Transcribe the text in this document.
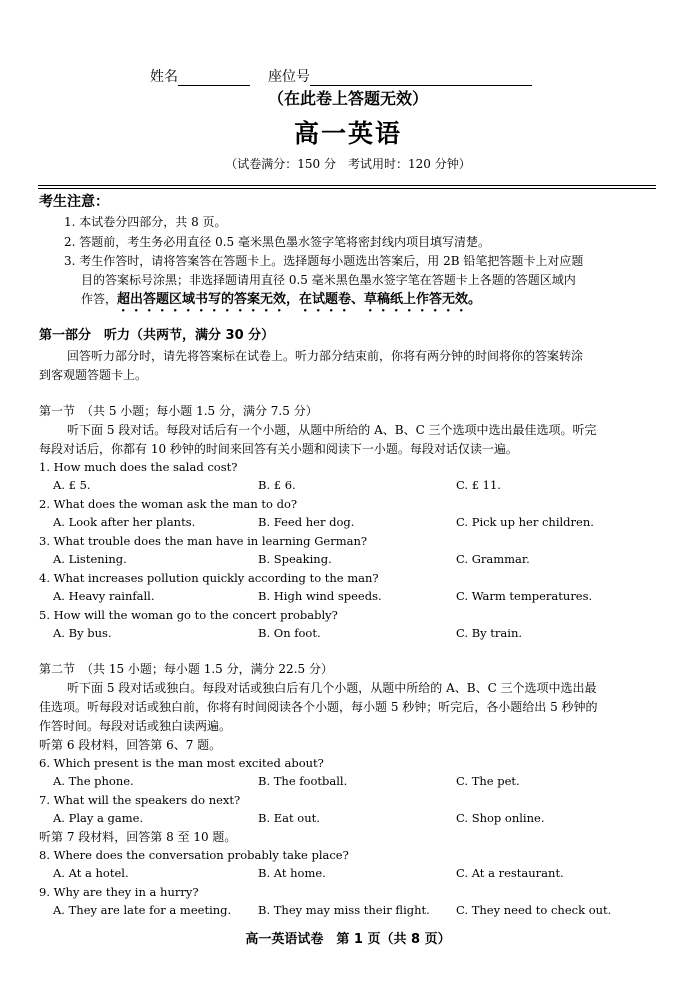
姓名	座位号
（在此卷上答题无效）
高一英语
（试卷满分：150 分　考试用时：120 分钟）
考生注意：
1. 本试卷分四部分，共 8 页。
2. 答题前，考生务必用直径 0.5 毫米黑色墨水签字笔将密封线内项目填写清楚。
3. 考生作答时，请将答案答在答题卡上。选择题每小题选出答案后，用 2B 铅笔把答题卡上对应题
目的答案标号涂黑；非选择题请用直径 0.5 毫米黑色墨水签字笔在答题卡上各题的答题区域内
作答，超出答题区域书写的答案无效，在试题卷、草稿纸上作答无效。
第一部分　听力（共两节，满分 30 分）
回答听力部分时，请先将答案标在试卷上。听力部分结束前，你将有两分钟的时间将你的答案转涂
到客观题答题卡上。
第一节　（共 5 小题；每小题 1.5 分，满分 7.5 分）
听下面 5 段对话。每段对话后有一个小题，从题中所给的 A、B、C 三个选项中选出最佳选项。听完
每段对话后，你都有 10 秒钟的时间来回答有关小题和阅读下一小题。每段对话仅读一遍。
1. How much does the salad cost?
A. £ 5.	B. £ 6.	C. £ 11.
2. What does the woman ask the man to do?
A. Look after her plants.	B. Feed her dog.	C. Pick up her children.
3. What trouble does the man have in learning German?
A. Listening.	B. Speaking.	C. Grammar.
4. What increases pollution quickly according to the man?
A. Heavy rainfall.	B. High wind speeds.	C. Warm temperatures.
5. How will the woman go to the concert probably?
A. By bus.	B. On foot.	C. By train.
第二节　（共 15 小题；每小题 1.5 分，满分 22.5 分）
听下面 5 段对话或独白。每段对话或独白后有几个小题，从题中所给的 A、B、C 三个选项中选出最
佳选项。听每段对话或独白前，你将有时间阅读各个小题，每小题 5 秒钟；听完后，各小题给出 5 秒钟的
作答时间。每段对话或独白读两遍。
听第 6 段材料，回答第 6、7 题。
6. Which present is the man most excited about?
A. The phone.	B. The football.	C. The pet.
7. What will the speakers do next?
A. Play a game.	B. Eat out.	C. Shop online.
听第 7 段材料，回答第 8 至 10 题。
8. Where does the conversation probably take place?
A. At a hotel.	B. At home.	C. At a restaurant.
9. Why are they in a hurry?
A. They are late for a meeting. B. They may miss their flight. C. They need to check out.
高一英语试卷　第 1 页（共 8 页）
